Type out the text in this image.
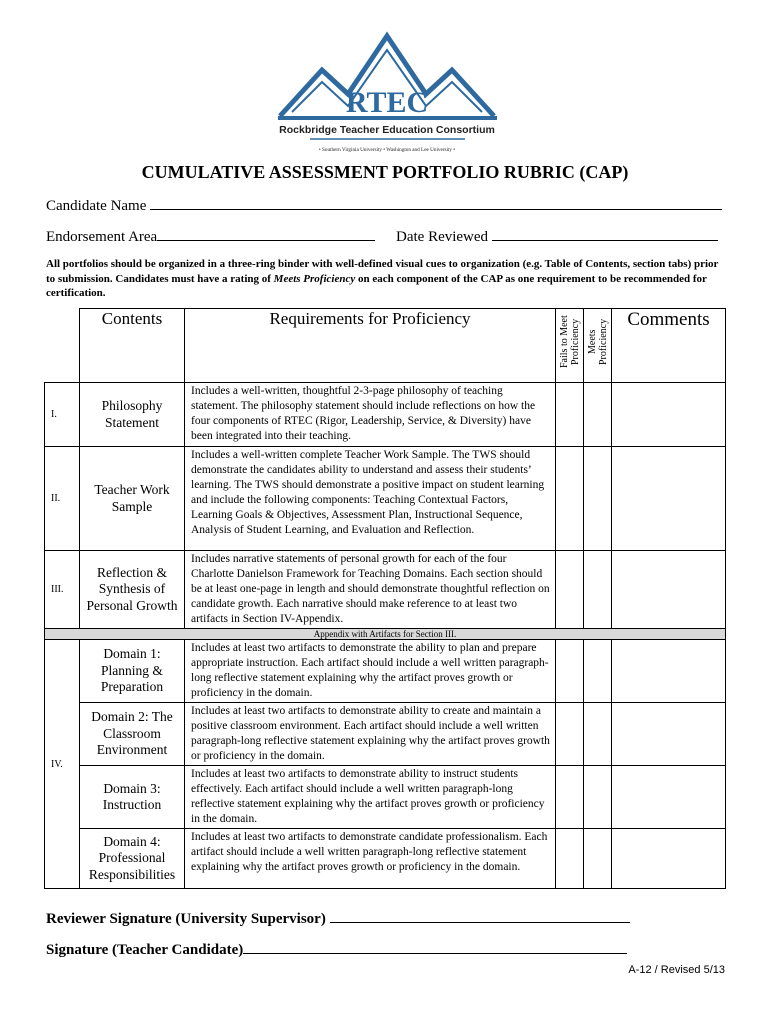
RTEC
Rockbridge Teacher Education Consortium
• Southern Virginia University • Washington and Lee University •
CUMULATIVE ASSESSMENT PORTFOLIO RUBRIC (CAP)
Candidate Name
Endorsement Area	Date Reviewed
All portfolios should be organized in a three-ring binder with well-defined visual cues to organization (e.g. Table of Contents, section tabs) prior to submission. Candidates must have a rating of Meets Proficiency on each component of the CAP as one requirement to be recommended for certification.
	Contents	Requirements for Proficiency	Fails to Meet Proficiency	Meets Proficiency	Comments
I.	Philosophy Statement	Includes a well-written, thoughtful 2-3-page philosophy of teaching statement. The philosophy statement should include reflections on how the four components of RTEC (Rigor, Leadership, Service, & Diversity) have been integrated into their teaching.			
II.	Teacher Work Sample	Includes a well-written complete Teacher Work Sample. The TWS should demonstrate the candidates ability to understand and assess their students’ learning. The TWS should demonstrate a positive impact on student learning and include the following components: Teaching Contextual Factors, Learning Goals & Objectives, Assessment Plan, Instructional Sequence, Analysis of Student Learning, and Evaluation and Reflection.			
III.	Reflection & Synthesis of Personal Growth	Includes narrative statements of personal growth for each of the four Charlotte Danielson Framework for Teaching Domains. Each section should be at least one-page in length and should demonstrate thoughtful reflection on candidate growth. Each narrative should make reference to at least two artifacts in Section IV-Appendix.			
Appendix with Artifacts for Section III.					
IV.	Domain 1: Planning & Preparation	Includes at least two artifacts to demonstrate the ability to plan and prepare appropriate instruction. Each artifact should include a well written paragraph-long reflective statement explaining why the artifact proves growth or proficiency in the domain.			
	Domain 2: The Classroom Environment	Includes at least two artifacts to demonstrate ability to create and maintain a positive classroom environment. Each artifact should include a well written paragraph-long reflective statement explaining why the artifact proves growth or proficiency in the domain.			
	Domain 3: Instruction	Includes at least two artifacts to demonstrate ability to instruct students effectively. Each artifact should include a well written paragraph-long reflective statement explaining why the artifact proves growth or proficiency in the domain.			
	Domain 4: Professional Responsibilities	Includes at least two artifacts to demonstrate candidate professionalism. Each artifact should include a well written paragraph-long reflective statement explaining why the artifact proves growth or proficiency in the domain.			
Reviewer Signature (University Supervisor)
Signature (Teacher Candidate)
A-12 / Revised 5/13
